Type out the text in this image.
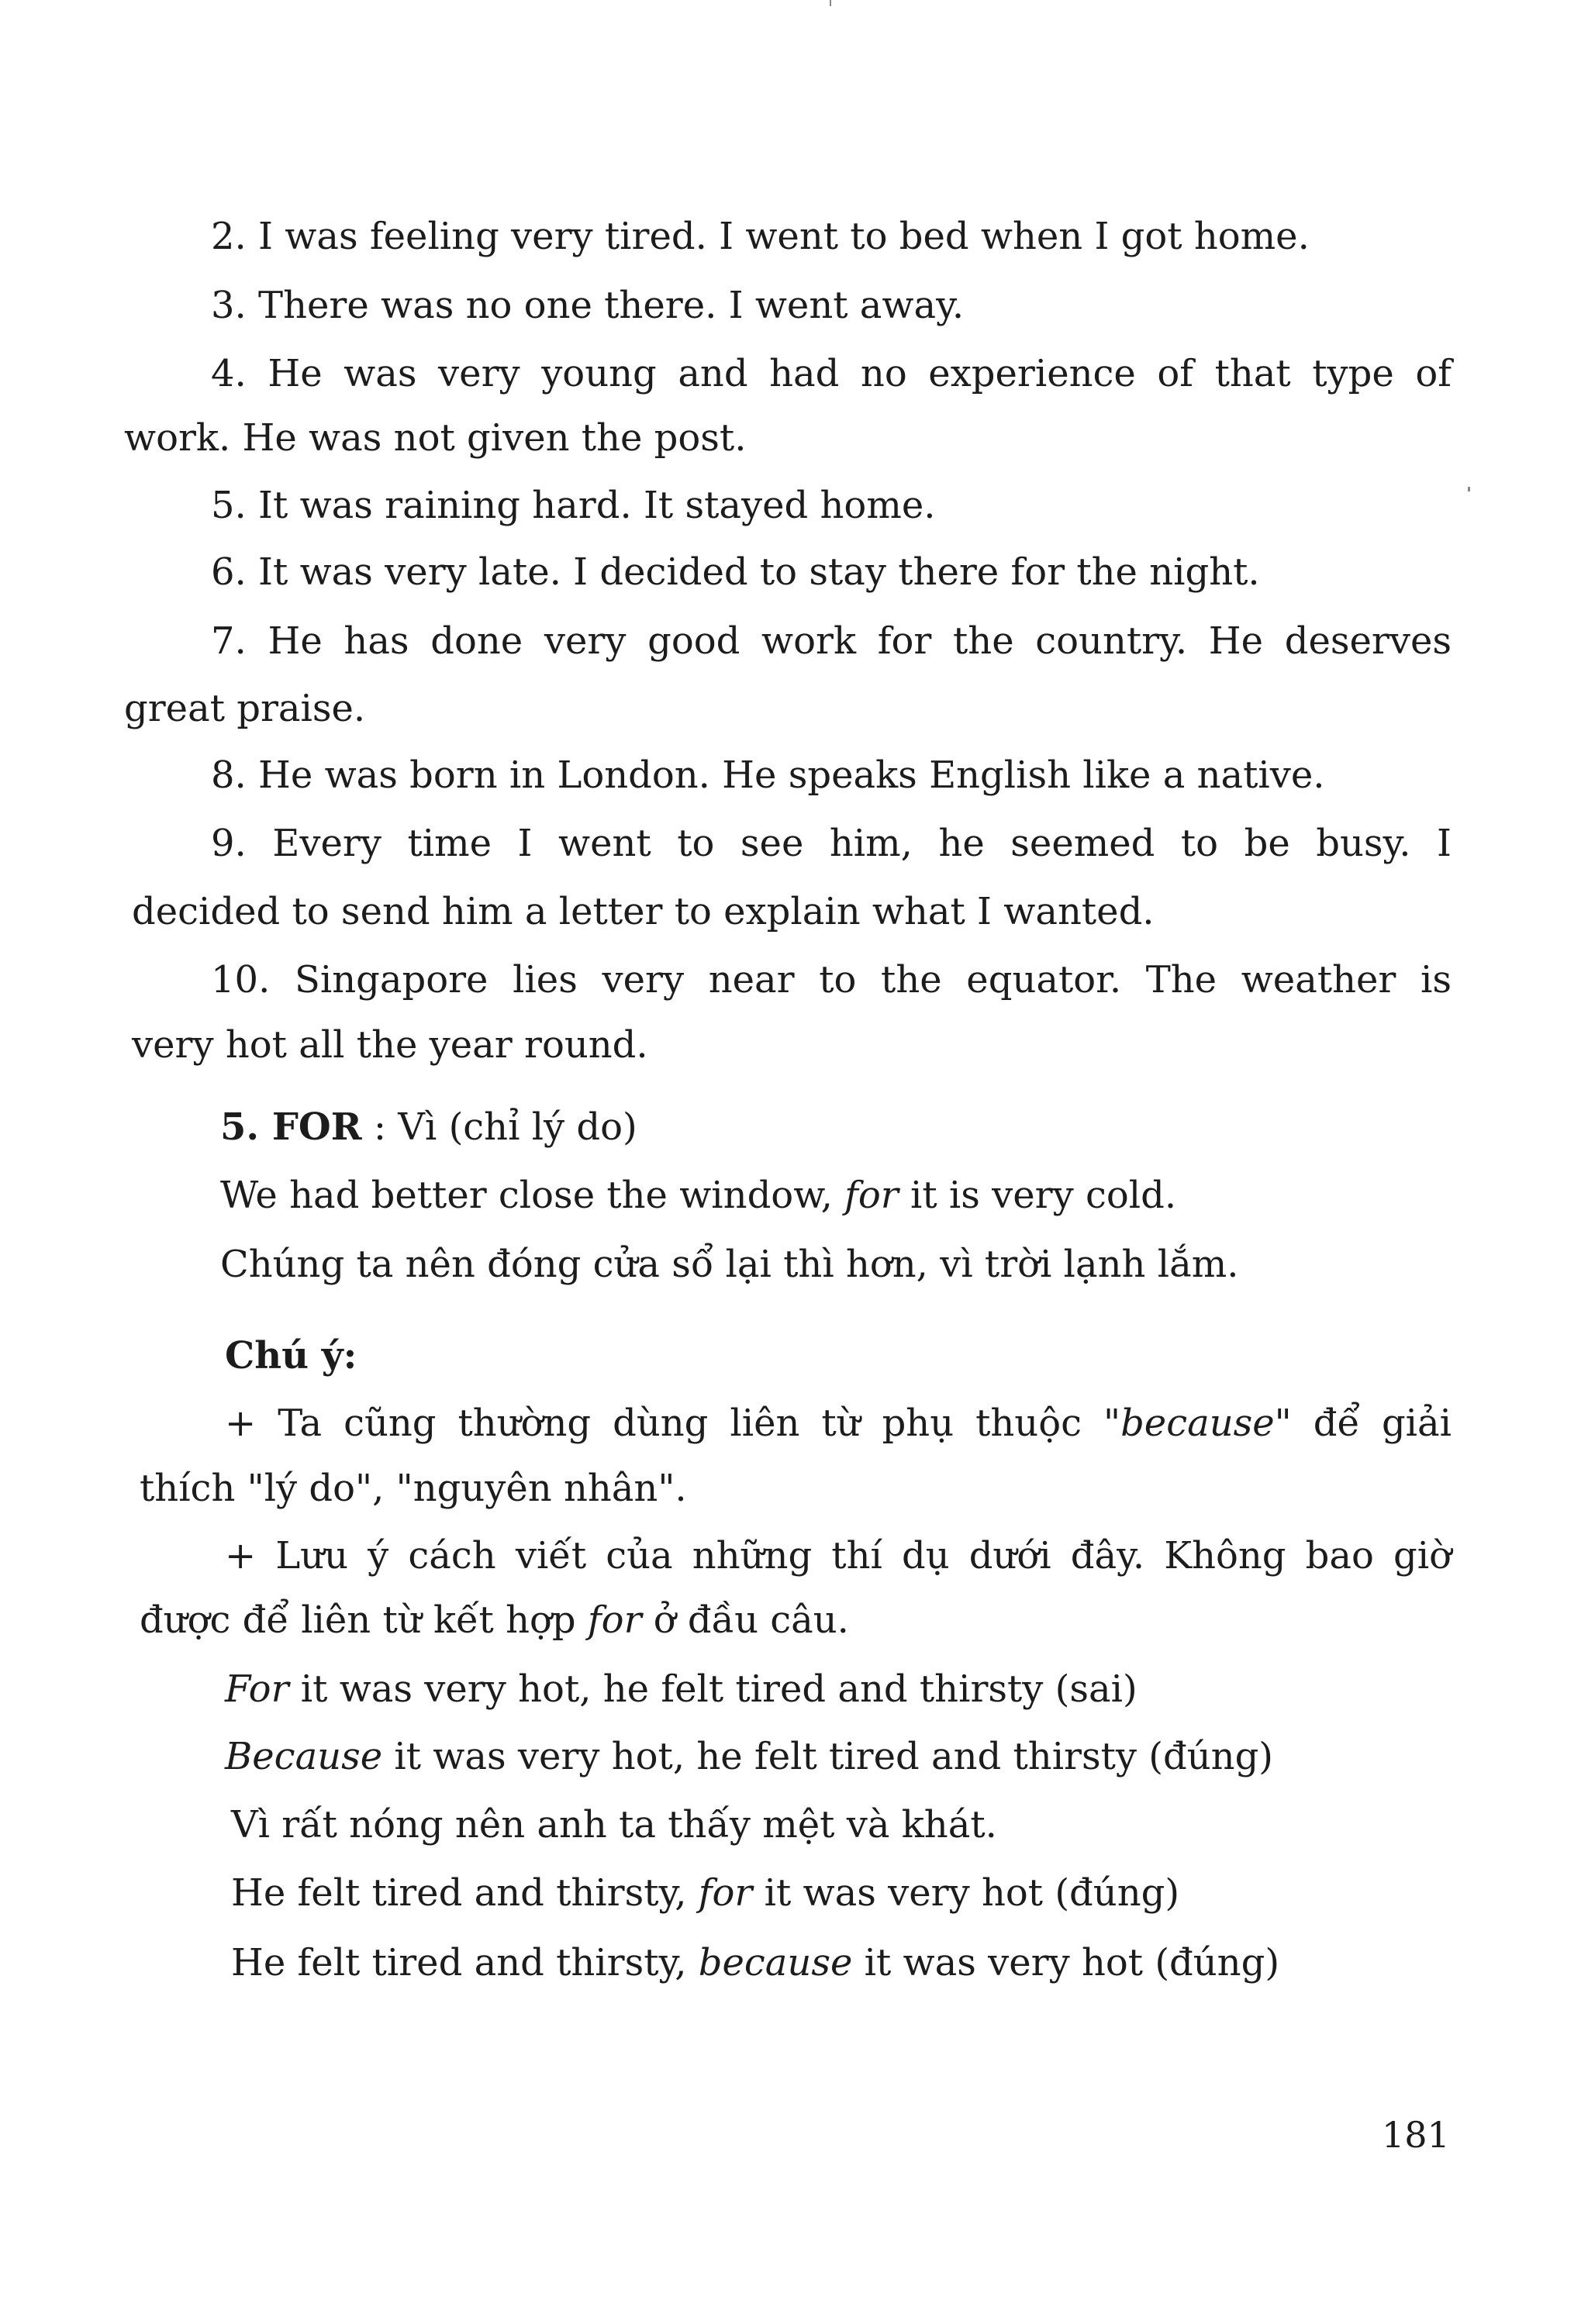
2. I was feeling very tired. I went to bed when I got home.
3. There was no one there. I went away.
4. He was very young and had no experience of that type of
work. He was not given the post.
5. It was raining hard. It stayed home.
6. It was very late. I decided to stay there for the night.
7. He has done very good work for the country. He deserves
great praise.
8. He was born in London. He speaks English like a native.
9. Every time I went to see him, he seemed to be busy. I
decided to send him a letter to explain what I wanted.
10. Singapore lies very near to the equator. The weather is
very hot all the year round.
5. FOR : Vì (chỉ lý do)
We had better close the window, for it is very cold.
Chúng ta nên đóng cửa sổ lại thì hơn, vì trời lạnh lắm.
Chú ý:
+ Ta cũng thường dùng liên từ phụ thuộc "because" để giải
thích "lý do", "nguyên nhân".
+ Lưu ý cách viết của những thí dụ dưới đây. Không bao giờ
được để liên từ kết hợp for ở đầu câu.
For it was very hot, he felt tired and thirsty (sai)
Because it was very hot, he felt tired and thirsty (đúng)
Vì rất nóng nên anh ta thấy mệt và khát.
He felt tired and thirsty, for it was very hot (đúng)
He felt tired and thirsty, because it was very hot (đúng)
181
